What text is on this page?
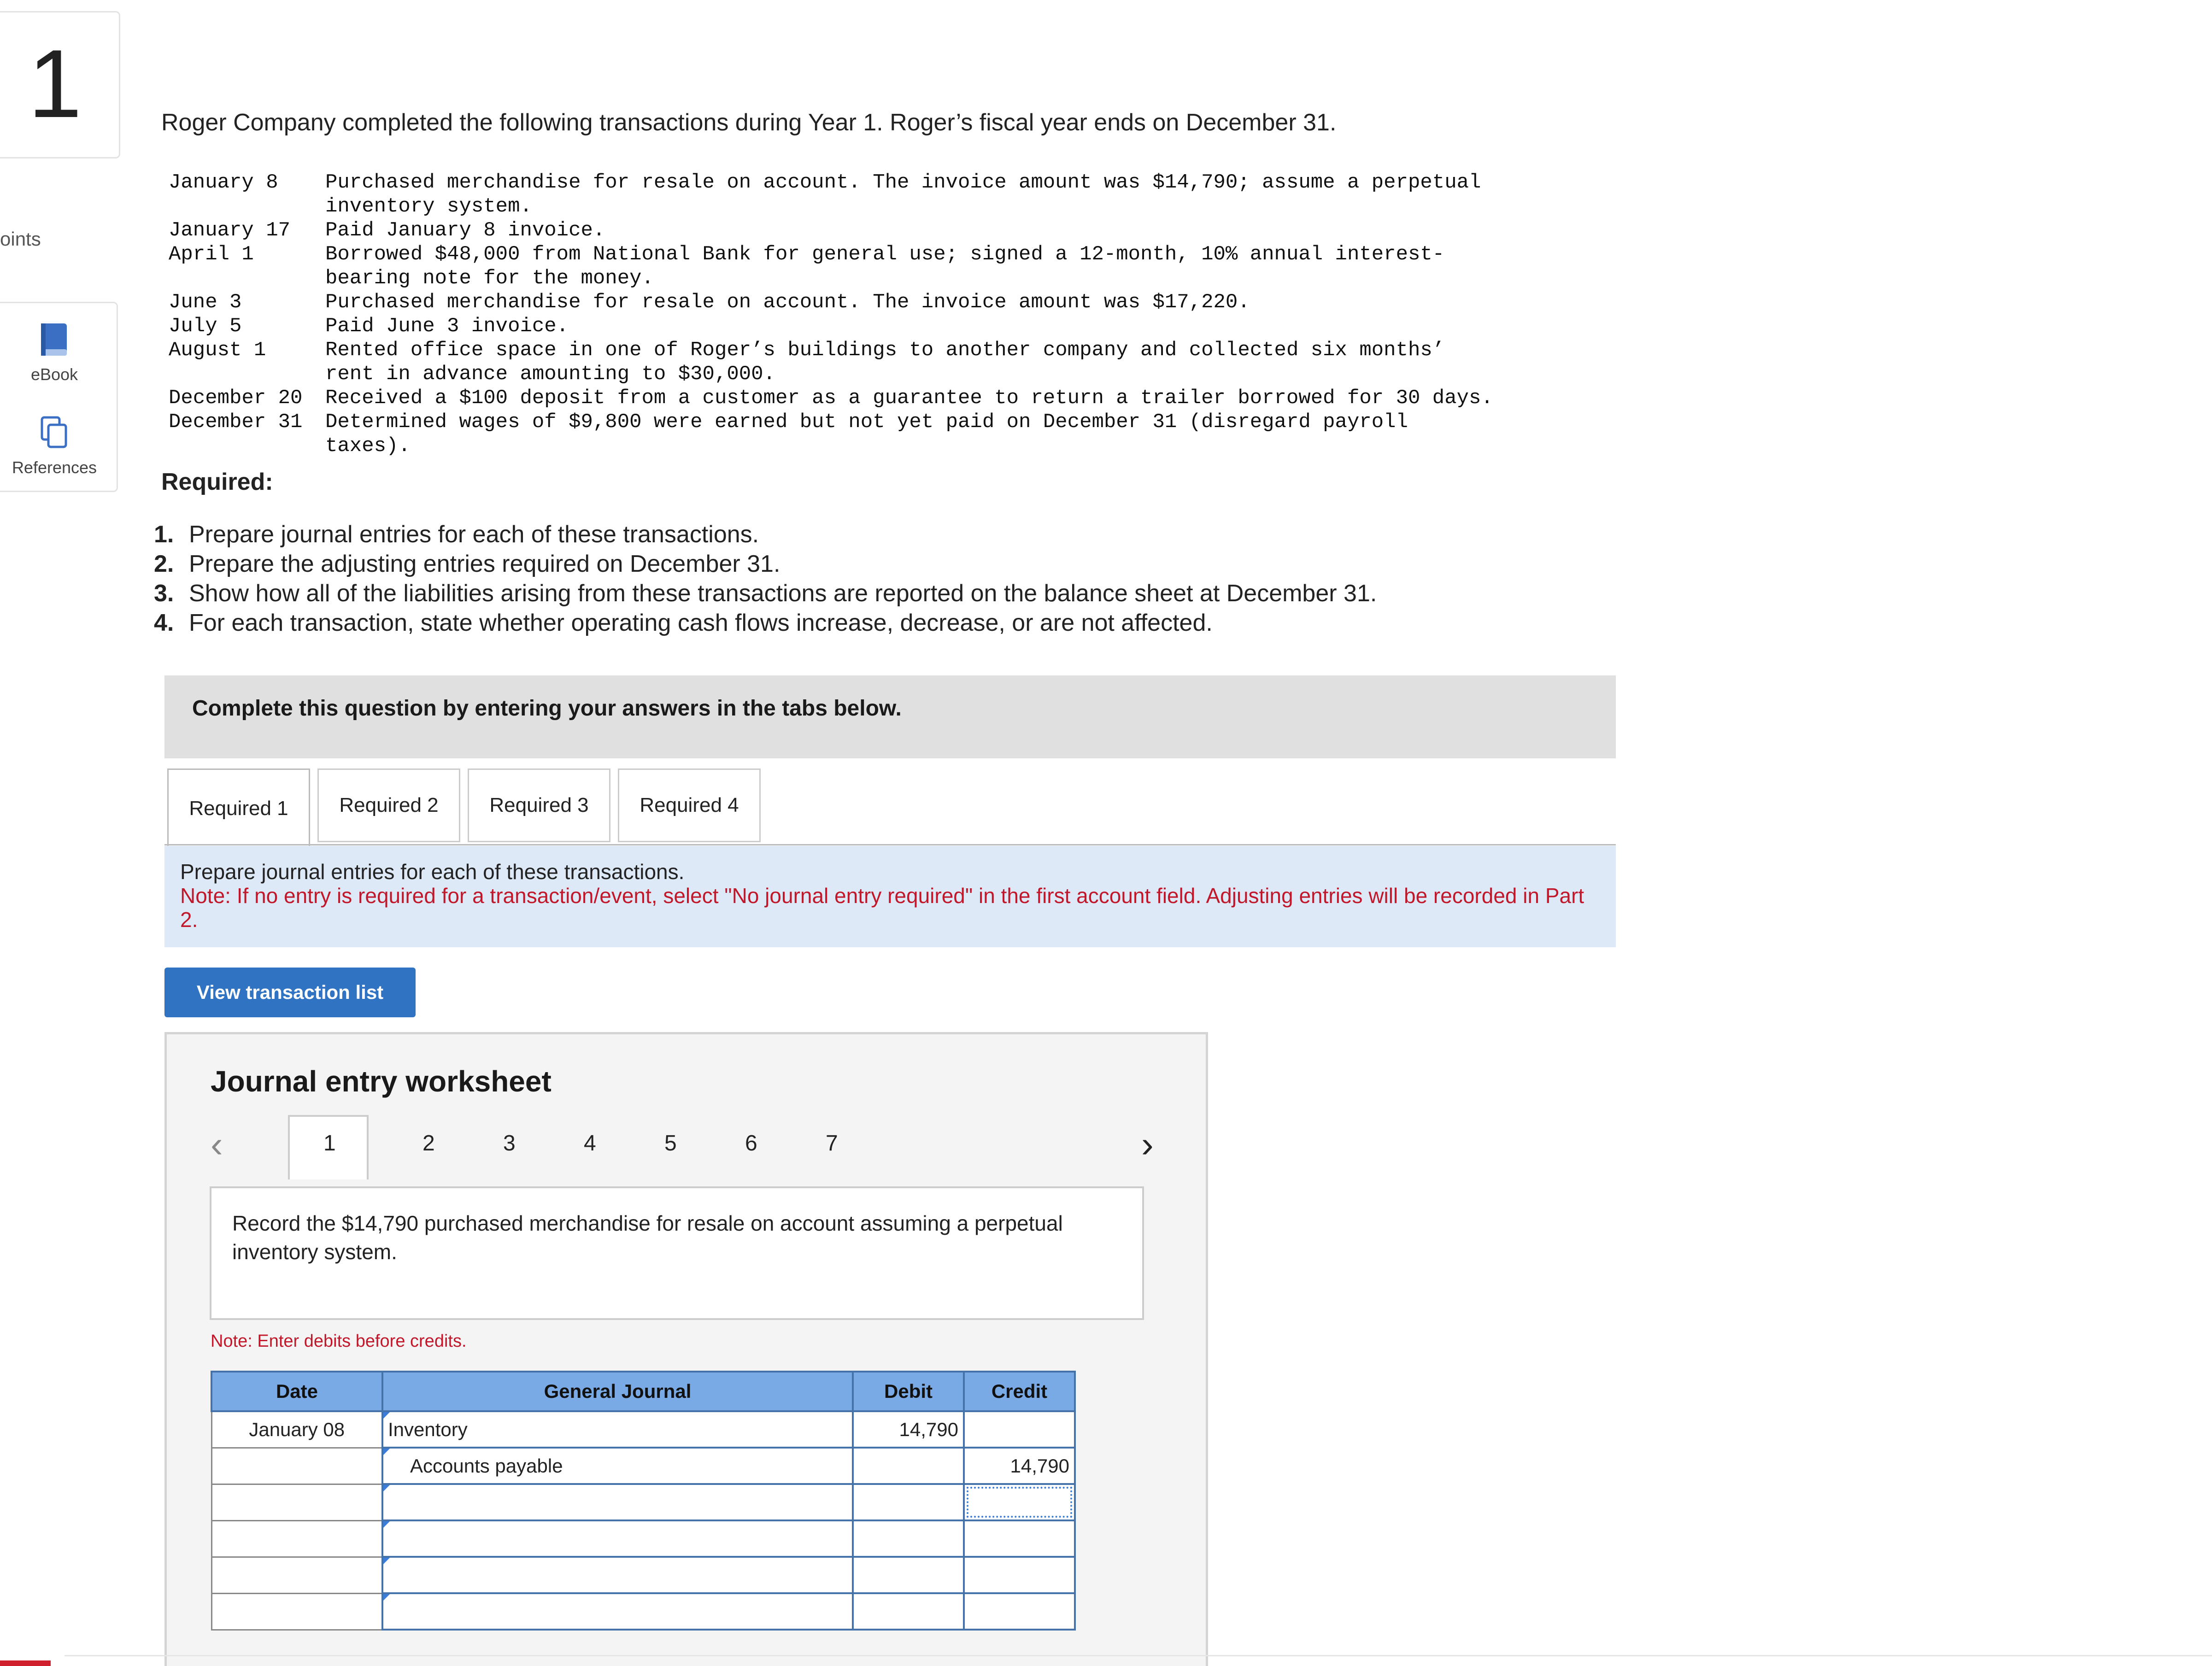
1
oints
eBook
References
Roger Company completed the following transactions during Year 1. Roger’s fiscal year ends on December 31.
January 8	Purchased merchandise for resale on account. The invoice amount was $14,790; assume a perpetual inventory system.
January 17	Paid January 8 invoice.
April 1	Borrowed $48,000 from National Bank for general use; signed a 12-month, 10% annual interest-bearing note for the money.
June 3	Purchased merchandise for resale on account. The invoice amount was $17,220.
July 5	Paid June 3 invoice.
August 1	Rented office space in one of Roger’s buildings to another company and collected six months’ rent in advance amounting to $30,000.
December 20	Received a $100 deposit from a customer as a guarantee to return a trailer borrowed for 30 days.
December 31	Determined wages of $9,800 were earned but not yet paid on December 31 (disregard payroll taxes).
Required:
1. Prepare journal entries for each of these transactions.
2. Prepare the adjusting entries required on December 31.
3. Show how all of the liabilities arising from these transactions are reported on the balance sheet at December 31.
4. For each transaction, state whether operating cash flows increase, decrease, or are not affected.
Complete this question by entering your answers in the tabs below.
Required 1	Required 2	Required 3	Required 4
Prepare journal entries for each of these transactions.
Note: If no entry is required for a transaction/event, select "No journal entry required" in the first account field. Adjusting entries will be recorded in Part 2.
View transaction list
Journal entry worksheet
‹	1	2	3	4	5	6	7	›
Record the $14,790 purchased merchandise for resale on account assuming a perpetual inventory system.
Note: Enter debits before credits.
Date	General Journal	Debit	Credit
January 08	Inventory	14,790	

Accounts payable		14,790
